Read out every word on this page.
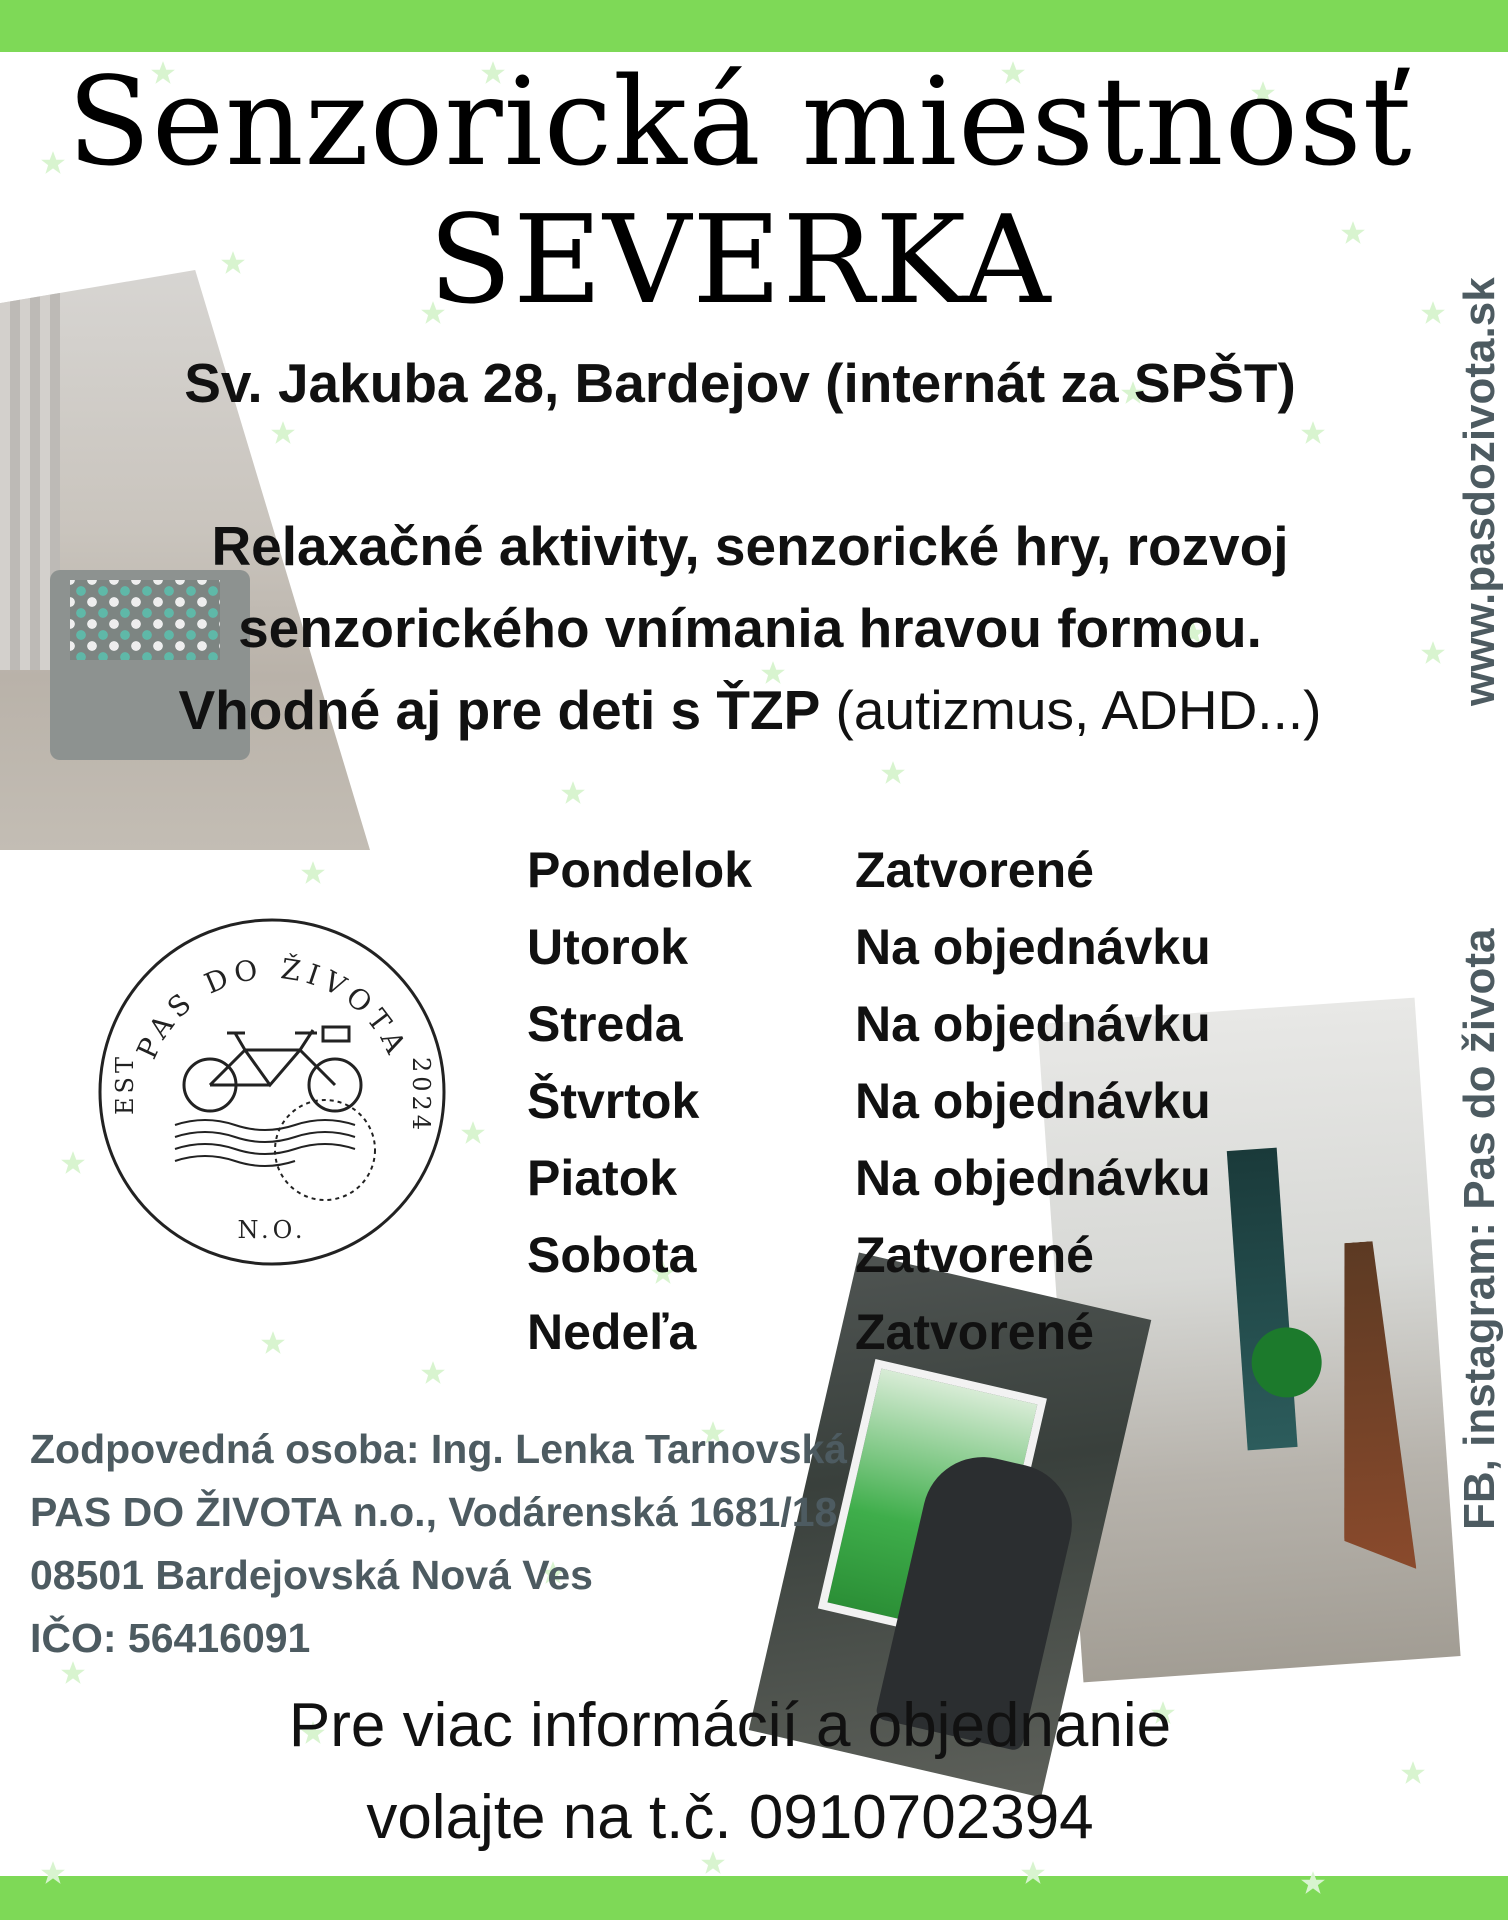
Senzorická miestnosť
SEVERKA
Sv. Jakuba 28, Bardejov (internát za SPŠT)
Relaxačné aktivity, senzorické hry, rozvoj
senzorického vnímania hravou formou.
Vhodné aj pre deti s ŤZP (autizmus, ADHD...)
PAS DO ŽIVOTA
EST	2024
N.O.
Pondelok	Zatvorené
Utorok	Na objednávku
Streda	Na objednávku
Štvrtok	Na objednávku
Piatok	Na objednávku
Sobota	Zatvorené
Nedeľa	Zatvorené
Zodpovedná osoba: Ing. Lenka Tarnovská
PAS DO ŽIVOTA n.o., Vodárenská 1681/18
08501 Bardejovská Nová Ves
IČO: 56416091
Pre viac informácií a objednanie
volajte na t.č. 0910702394
www.pasdozivota.sk
FB, instagram: Pas do života
